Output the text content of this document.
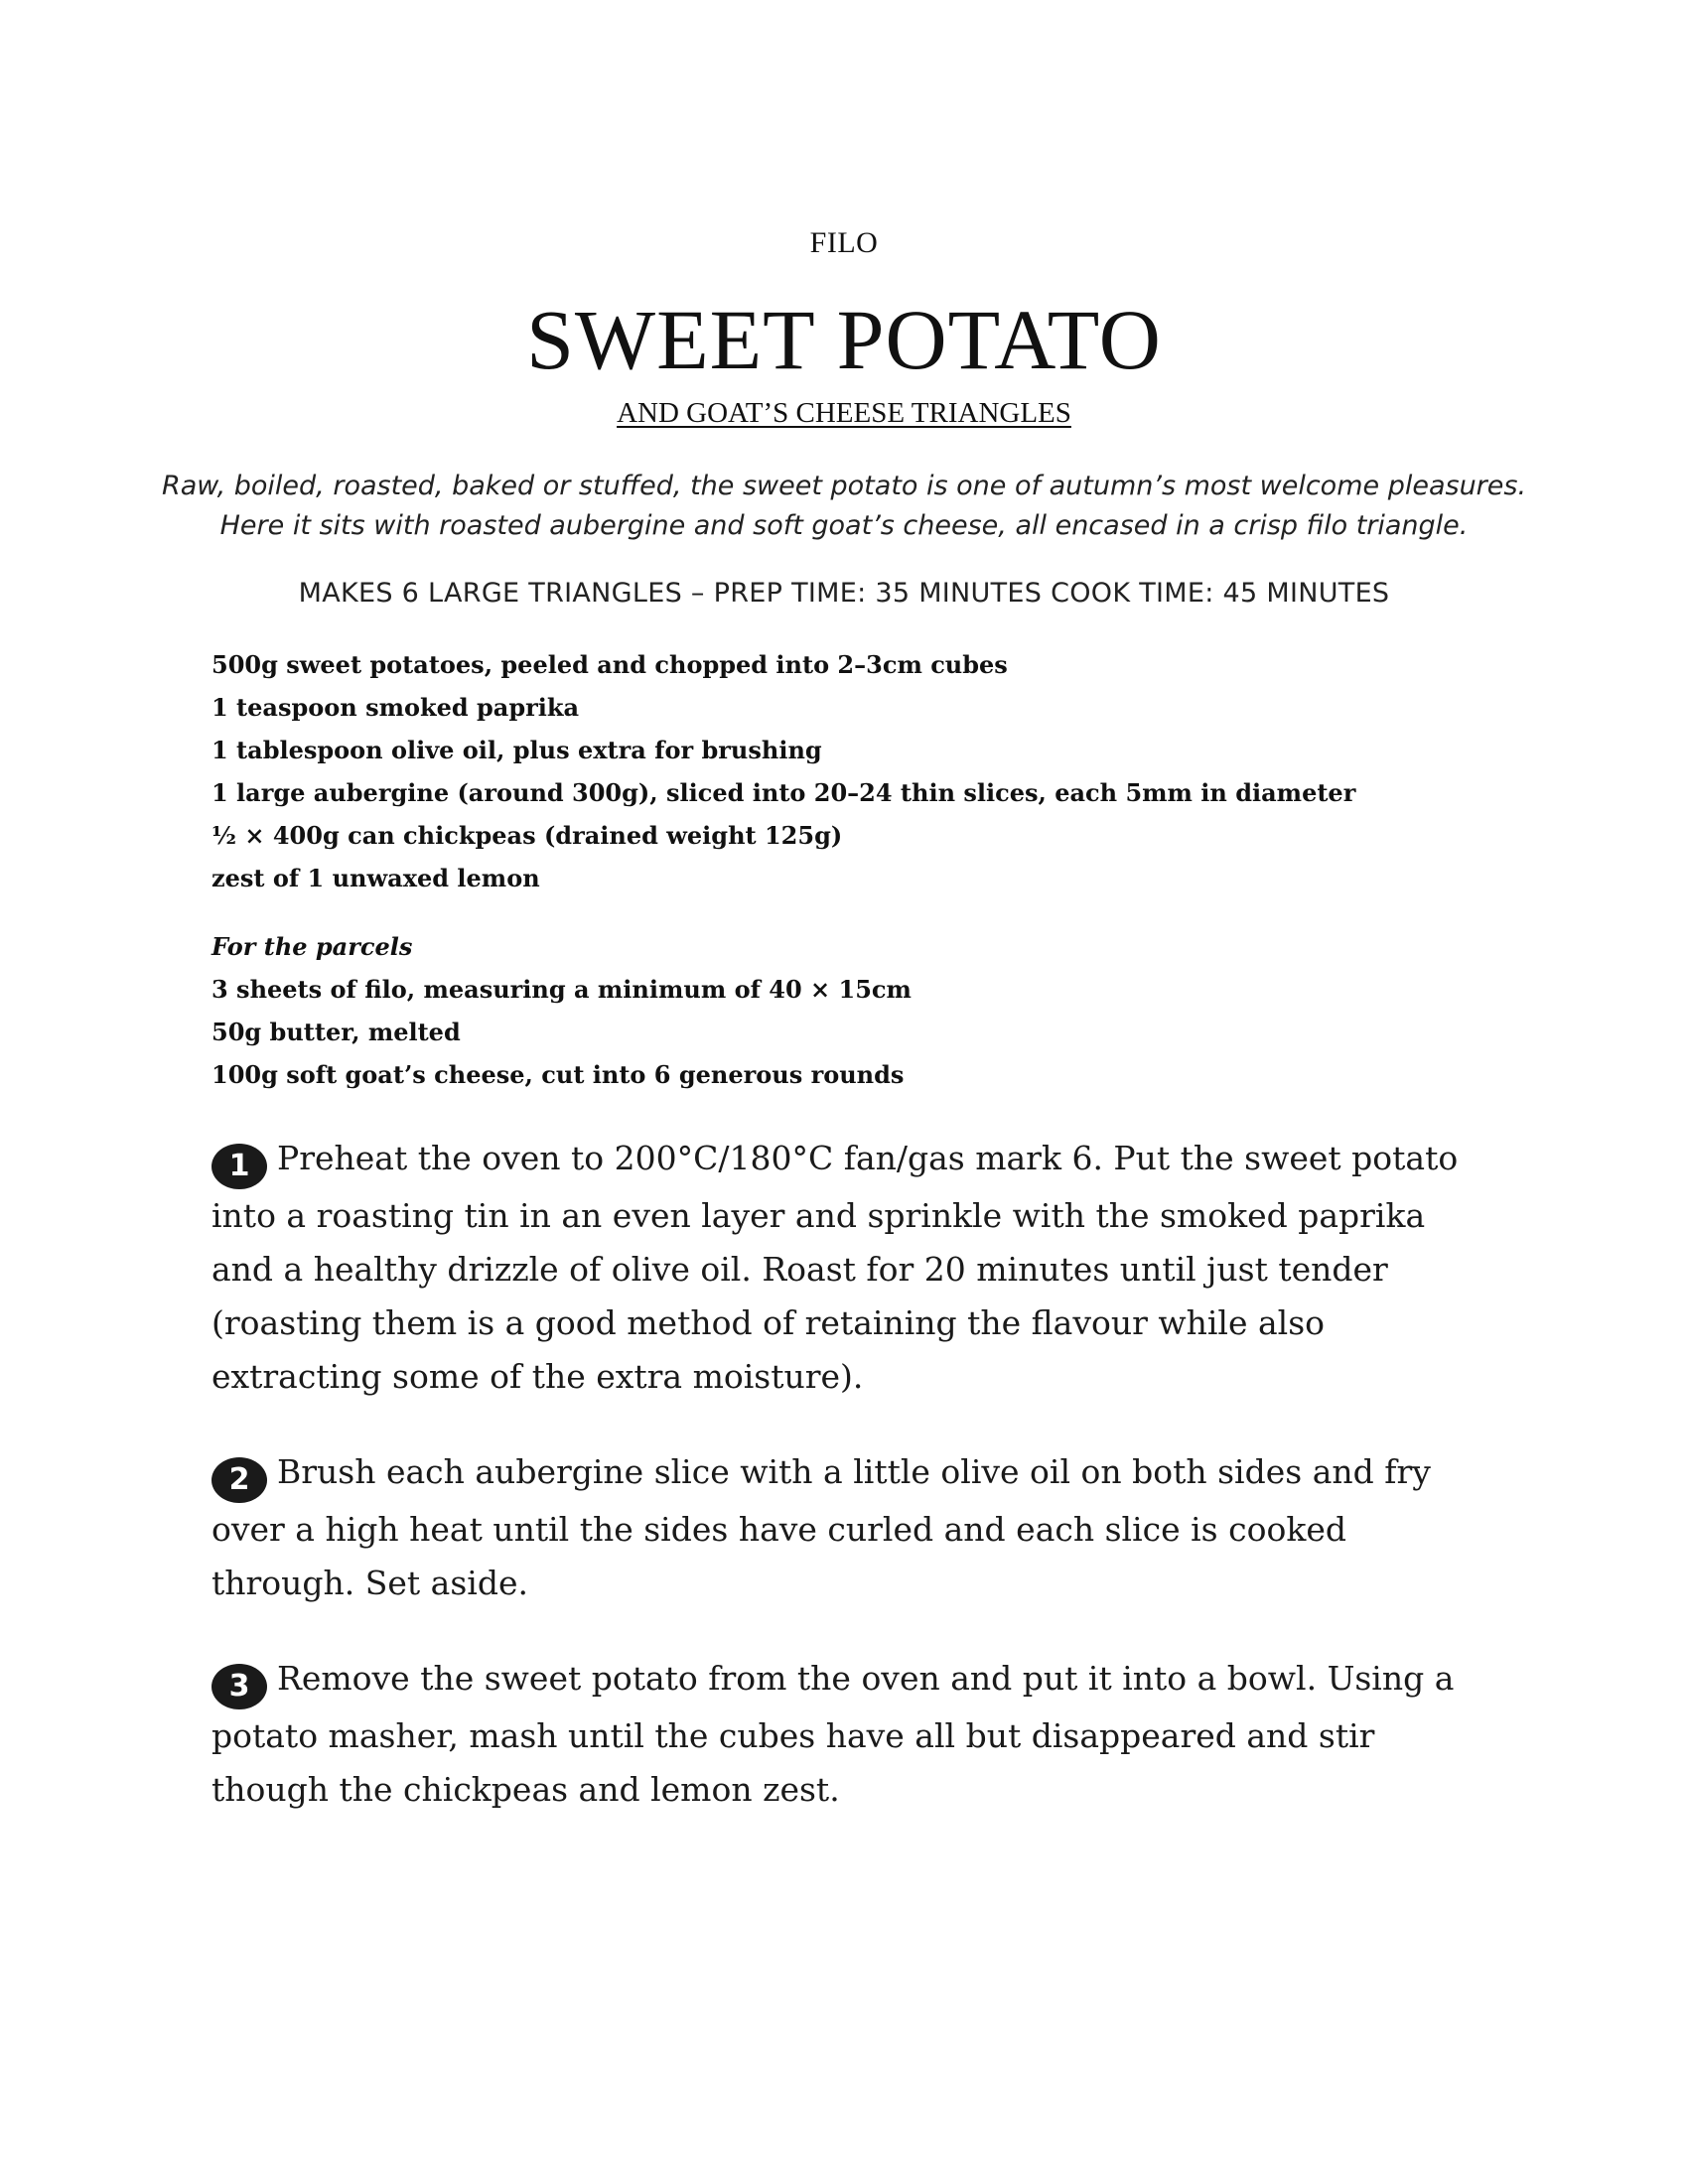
FILO
SWEET POTATO
AND GOAT’S CHEESE TRIANGLES
Raw, boiled, roasted, baked or stuffed, the sweet potato is one of autumn’s most welcome pleasures.
Here it sits with roasted aubergine and soft goat’s cheese, all encased in a crisp filo triangle.
MAKES 6 LARGE TRIANGLES – PREP TIME: 35 MINUTES COOK TIME: 45 MINUTES
500g sweet potatoes, peeled and chopped into 2–3cm cubes
1 teaspoon smoked paprika
1 tablespoon olive oil, plus extra for brushing
1 large aubergine (around 300g), sliced into 20–24 thin slices, each 5mm in diameter
½ × 400g can chickpeas (drained weight 125g)
zest of 1 unwaxed lemon
For the parcels
3 sheets of filo, measuring a minimum of 40 × 15cm
50g butter, melted
100g soft goat’s cheese, cut into 6 generous rounds

1 Preheat the oven to 200°C/180°C fan/gas mark 6. Put the sweet potato into a roasting tin in an even layer and sprinkle with the smoked paprika and a healthy drizzle of olive oil. Roast for 20 minutes until just tender (roasting them is a good method of retaining the flavour while also extracting some of the extra moisture).

2 Brush each aubergine slice with a little olive oil on both sides and fry over a high heat until the sides have curled and each slice is cooked through. Set aside.

3 Remove the sweet potato from the oven and put it into a bowl. Using a potato masher, mash until the cubes have all but disappeared and stir though the chickpeas and lemon zest.
